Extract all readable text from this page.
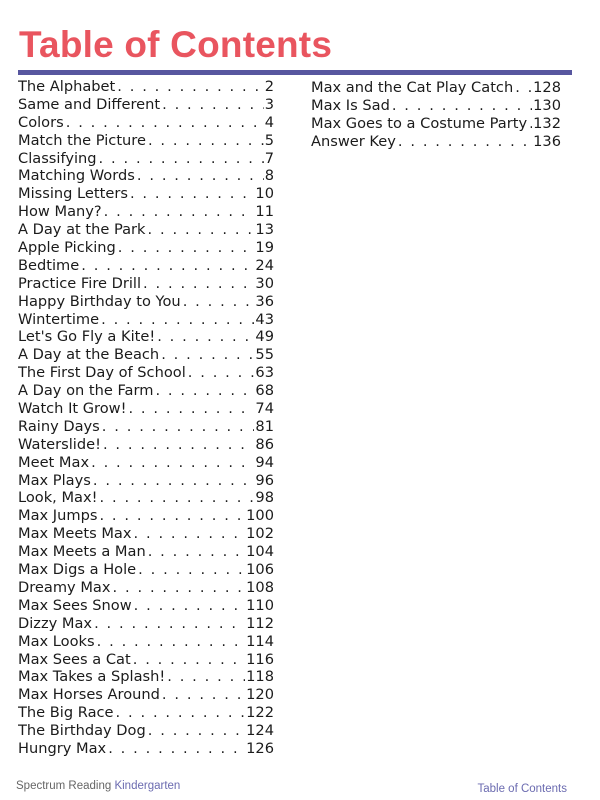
Table of Contents
The Alphabet . . .	2
Same and Different . . .	3
Colors . . .	4
Match the Picture . . .	5
Classifying . . .	7
Matching Words . . .	8
Missing Letters . . .	10
How Many? . . .	11
A Day at the Park . . .	13
Apple Picking . . .	19
Bedtime . . .	24
Practice Fire Drill . . .	30
Happy Birthday to You . . .	36
Wintertime . . .	43
Let's Go Fly a Kite! . . .	49
A Day at the Beach . . .	55
The First Day of School . . .	63
A Day on the Farm . . .	68
Watch It Grow! . . .	74
Rainy Days . . .	81
Waterslide! . . .	86
Meet Max . . .	94
Max Plays . . .	96
Look, Max! . . .	98
Max Jumps . . .	100
Max Meets Max . . .	102
Max Meets a Man . . .	104
Max Digs a Hole . . .	106
Dreamy Max . . .	108
Max Sees Snow . . .	110
Dizzy Max . . .	112
Max Looks . . .	114
Max Sees a Cat . . .	116
Max Takes a Splash! . . .	118
Max Horses Around . . .	120
The Big Race . . .	122
The Birthday Dog . . .	124
Hungry Max . . .	126
Max and the Cat Play Catch . . . 128
Max Is Sad . . .	130
Max Goes to a Costume Party . . . 132
Answer Key . . .	136
Spectrum Reading Kindergarten	Table of Contents
